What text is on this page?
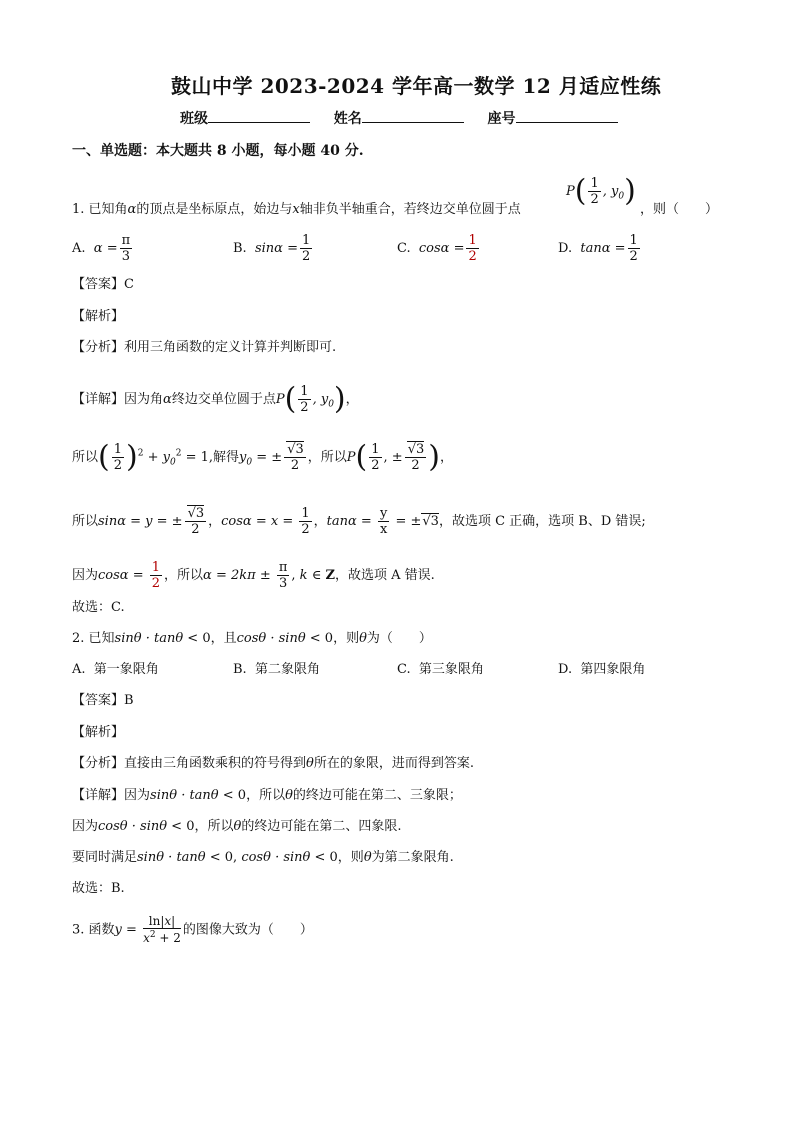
鼓山中学 2023-2024 学年高一数学 12 月适应性练
班级	姓名	座号
一、单选题：本大题共 8 小题，每小题 40 分.
1. 已知角α的顶点是坐标原点，始边与x轴非负半轴重合，若终边交单位圆于点
$P( \frac{1}{2}$ , $y_0$)
，则（　　）
A. $\alpha = \frac{\pi}{3}$	B. $\sin\alpha = \frac{1}{2}$	C. $\cos\alpha = \frac{1}{2}$	D. $\tan\alpha = \frac{1}{2}$
【答案】C
【解析】
【分析】利用三角函数的定义计算并判断即可.
【详解】因为角α终边交单位圆于点$P( \frac{1}{2}$ , $y_0$)，
所以( $\frac{1}{2} )^2 + y_0^2 = 1$,解得$y_0$ = ± $\frac{√3}{2}$ ，所以$P( \frac{1}{2}$ , ± $\frac{√3}{2}$ )，
所以sinα = y = ± $\frac{√3}{2}$ ，$\cos\alpha = x = \frac{1}{2}$ ，$\tan\alpha = \frac{y}{x} = \pm√3$，故选项 C 正确，选项 B、D 错误;
因为$\cos\alpha = \frac{1}{2}$ ，所以$\alpha = 2k\pi \pm \frac{\pi}{3}$ , k ∈ Z，故选项 A 错误.
故选：C.
2. 已知sinθ · tanθ < 0，且cosθ · sinθ < 0，则θ为（　　）
A. 第一象限角	B. 第二象限角	C. 第三象限角	D. 第四象限角
【答案】B
【解析】
【分析】直接由三角函数乘积的符号得到θ所在的象限，进而得到答案.
【详解】因为sinθ · tanθ < 0，所以θ的终边可能在第二、三象限；
因为cosθ · sinθ < 0，所以θ的终边可能在第二、四象限.
要同时满足sinθ · tanθ < 0, cosθ · sinθ < 0，则θ为第二象限角.
故选：B.
3. 函数$y = \frac{\ln|x|}{x^2 + 2}$ 的图像大致为（　　）
